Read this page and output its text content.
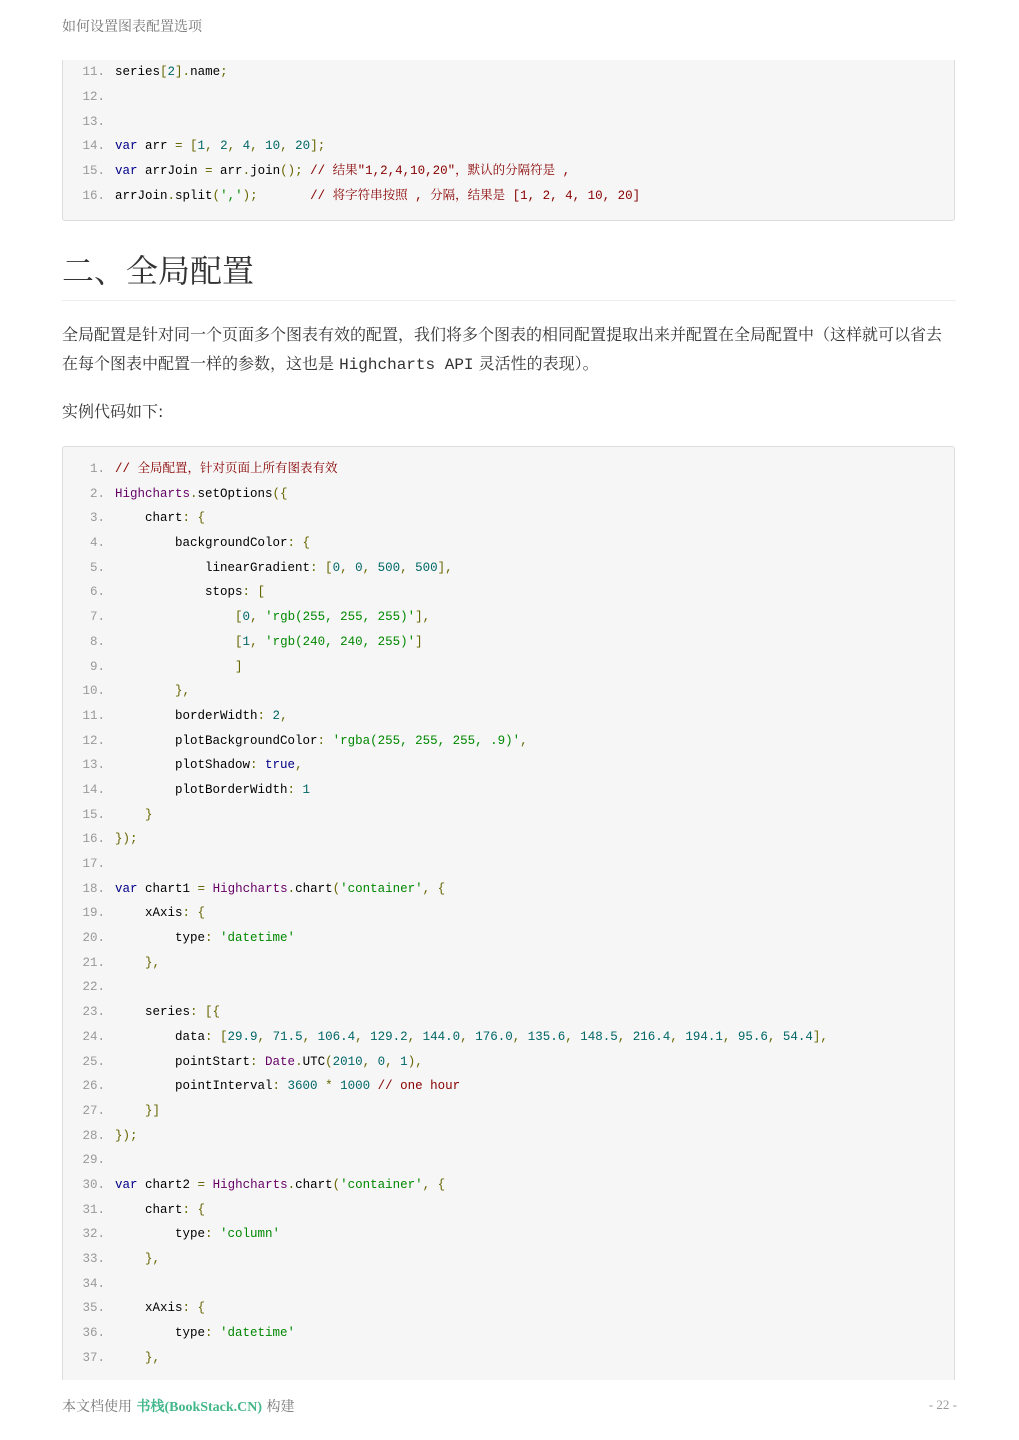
如何设置图表配置选项
11. series[2].name;
12.
13.
14. var arr = [1, 2, 4, 10, 20];
15. var arrJoin = arr.join(); // 结果"1,2,4,10,20"，默认的分隔符是 ,
16. arrJoin.split(',');	// 将字符串按照 , 分隔，结果是 [1, 2, 4, 10, 20]
二、全局配置

全局配置是针对同一个页面多个图表有效的配置，我们将多个图表的相同配置提取出来并配置在全局配置中（这样就可以省去在每个图表中配置一样的参数，这也是 Highcharts API 灵活性的表现）。

实例代码如下:
1. // 全局配置，针对页面上所有图表有效
2. Highcharts.setOptions({
3.    chart: {
4.        backgroundColor: {
5.            linearGradient: [0, 0, 500, 500],
6.            stops: [
7.	[0, 'rgb(255, 255, 255)'],
8.	[1, 'rgb(240, 240, 255)']
9.	]
10.	},
11.        borderWidth: 2,
12.        plotBackgroundColor: 'rgba(255, 255, 255, .9)',
13.        plotShadow: true,
14.        plotBorderWidth: 1
15.	}
16. });
17.
18. var chart1 = Highcharts.chart('container', {
19.    xAxis: {
20.        type: 'datetime'
21.	},
22.
23.    series: [{
24.        data: [29.9, 71.5, 106.4, 129.2, 144.0, 176.0, 135.6, 148.5, 216.4, 194.1, 95.6, 54.4],
25.        pointStart: Date.UTC(2010, 0, 1),
26.        pointInterval: 3600 * 1000 // one hour
27.	}]
28. });
29.
30. var chart2 = Highcharts.chart('container', {
31.    chart: {
32.        type: 'column'
33.	},
34.
35.    xAxis: {
36.        type: 'datetime'
37.	},
本文档使用 书栈(BookStack.CN) 构建	- 22 -
